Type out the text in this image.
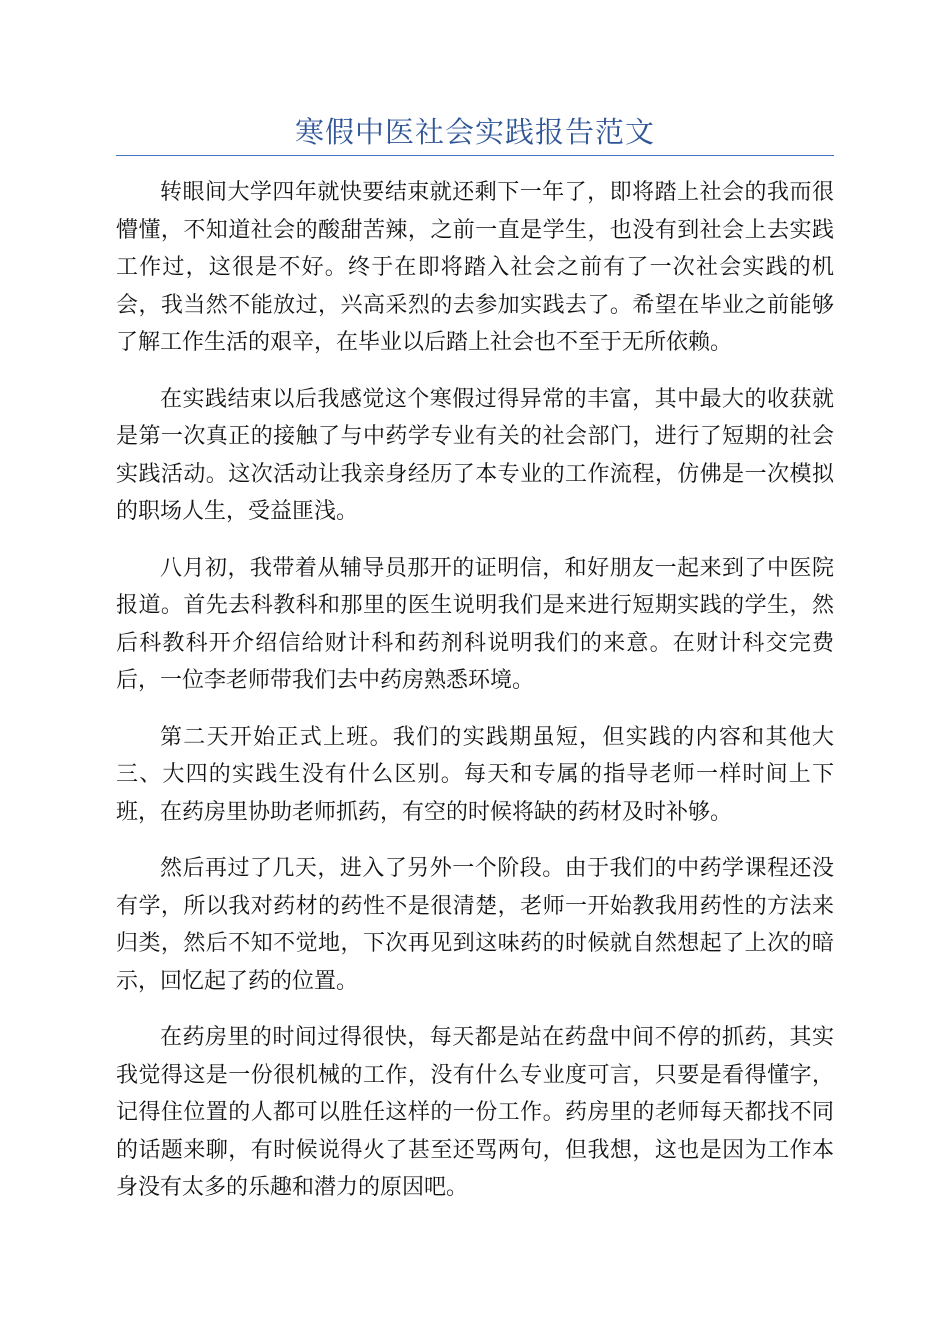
寒假中医社会实践报告范文

转眼间大学四年就快要结束就还剩下一年了，即将踏上社会的我而很懵懂，不知道社会的酸甜苦辣，之前一直是学生，也没有到社会上去实践工作过，这很是不好。终于在即将踏入社会之前有了一次社会实践的机会，我当然不能放过，兴高采烈的去参加实践去了。希望在毕业之前能够了解工作生活的艰辛，在毕业以后踏上社会也不至于无所依赖。

在实践结束以后我感觉这个寒假过得异常的丰富，其中最大的收获就是第一次真正的接触了与中药学专业有关的社会部门，进行了短期的社会实践活动。这次活动让我亲身经历了本专业的工作流程，仿佛是一次模拟的职场人生，受益匪浅。

八月初，我带着从辅导员那开的证明信，和好朋友一起来到了中医院报道。首先去科教科和那里的医生说明我们是来进行短期实践的学生，然后科教科开介绍信给财计科和药剂科说明我们的来意。在财计科交完费后，一位李老师带我们去中药房熟悉环境。

第二天开始正式上班。我们的实践期虽短，但实践的内容和其他大三、大四的实践生没有什么区别。每天和专属的指导老师一样时间上下班，在药房里协助老师抓药，有空的时候将缺的药材及时补够。

然后再过了几天，进入了另外一个阶段。由于我们的中药学课程还没有学，所以我对药材的药性不是很清楚，老师一开始教我用药性的方法来归类，然后不知不觉地，下次再见到这味药的时候就自然想起了上次的暗示，回忆起了药的位置。

在药房里的时间过得很快，每天都是站在药盘中间不停的抓药，其实我觉得这是一份很机械的工作，没有什么专业度可言，只要是看得懂字，记得住位置的人都可以胜任这样的一份工作。药房里的老师每天都找不同的话题来聊，有时候说得火了甚至还骂两句，但我想，这也是因为工作本身没有太多的乐趣和潜力的原因吧。
